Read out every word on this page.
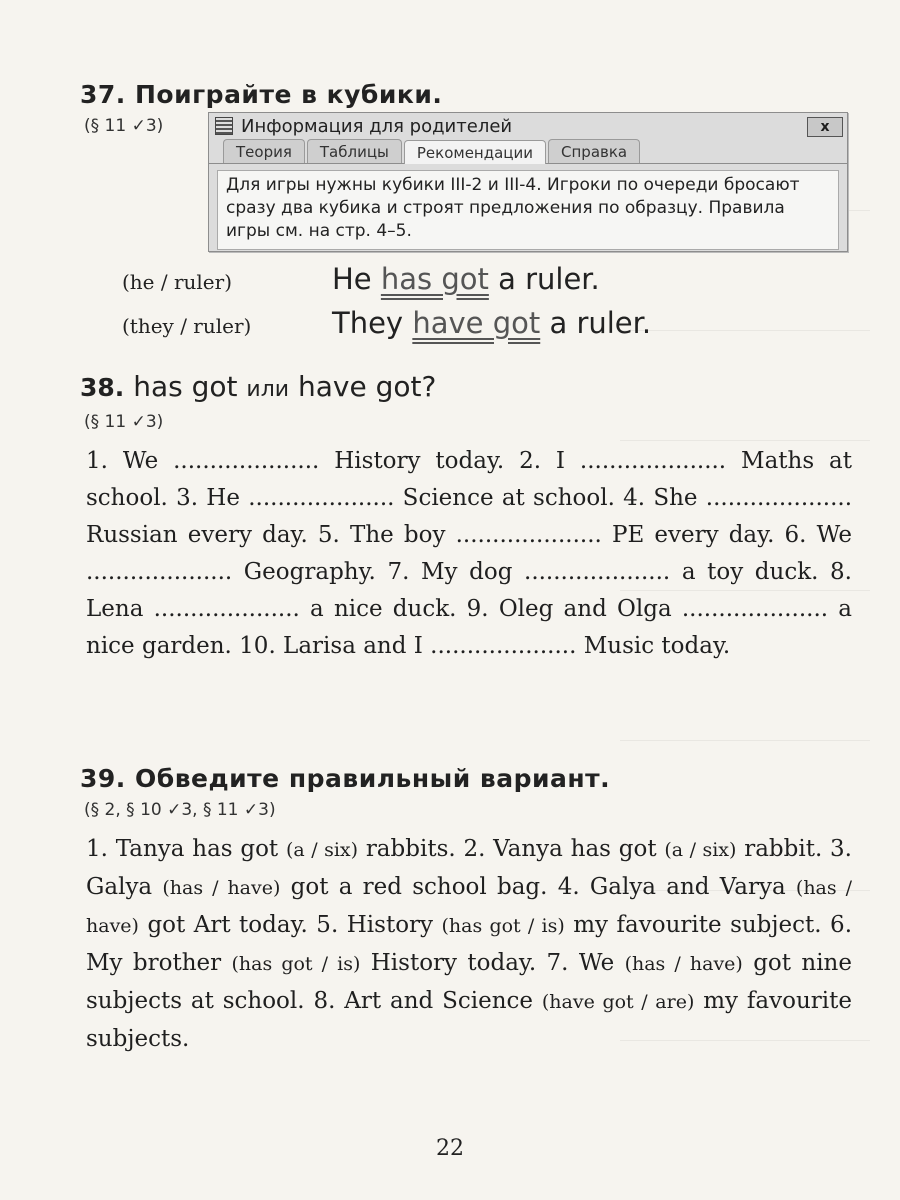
37. Поиграйте в кубики.
(§ 11 ✓3)	Информация для родителей	x
Теория	Таблицы	Рекомендации	Справка
Для игры нужны кубики III-2 и III-4. Игроки по очереди бросают сразу два кубика и строят предложения по образцу. Правила игры см. на стр. 4–5.
(he / ruler)	He has got a ruler.
(they / ruler)	They have got a ruler.
38. has got или have got?
(§ 11 ✓3)
1. We .................... History today. 2. I .................... Maths at school. 3. He .................... Science at school. 4. She .................... Russian every day. 5. The boy .................... PE every day. 6. We .................... Geography. 7. My dog .................... a toy duck. 8. Lena .................... a nice duck. 9. Oleg and Olga .................... a nice garden. 10. Larisa and I .................... Music today.
39. Обведите правильный вариант.
(§ 2, § 10 ✓3, § 11 ✓3)
1. Tanya has got (a / six) rabbits. 2. Vanya has got (a / six) rabbit. 3. Galya (has / have) got a red school bag. 4. Galya and Varya (has / have) got Art today. 5. History (has got / is) my favourite subject. 6. My brother (has got / is) History today. 7. We (has / have) got nine subjects at school. 8. Art and Science (have got / are) my favourite subjects.
22
